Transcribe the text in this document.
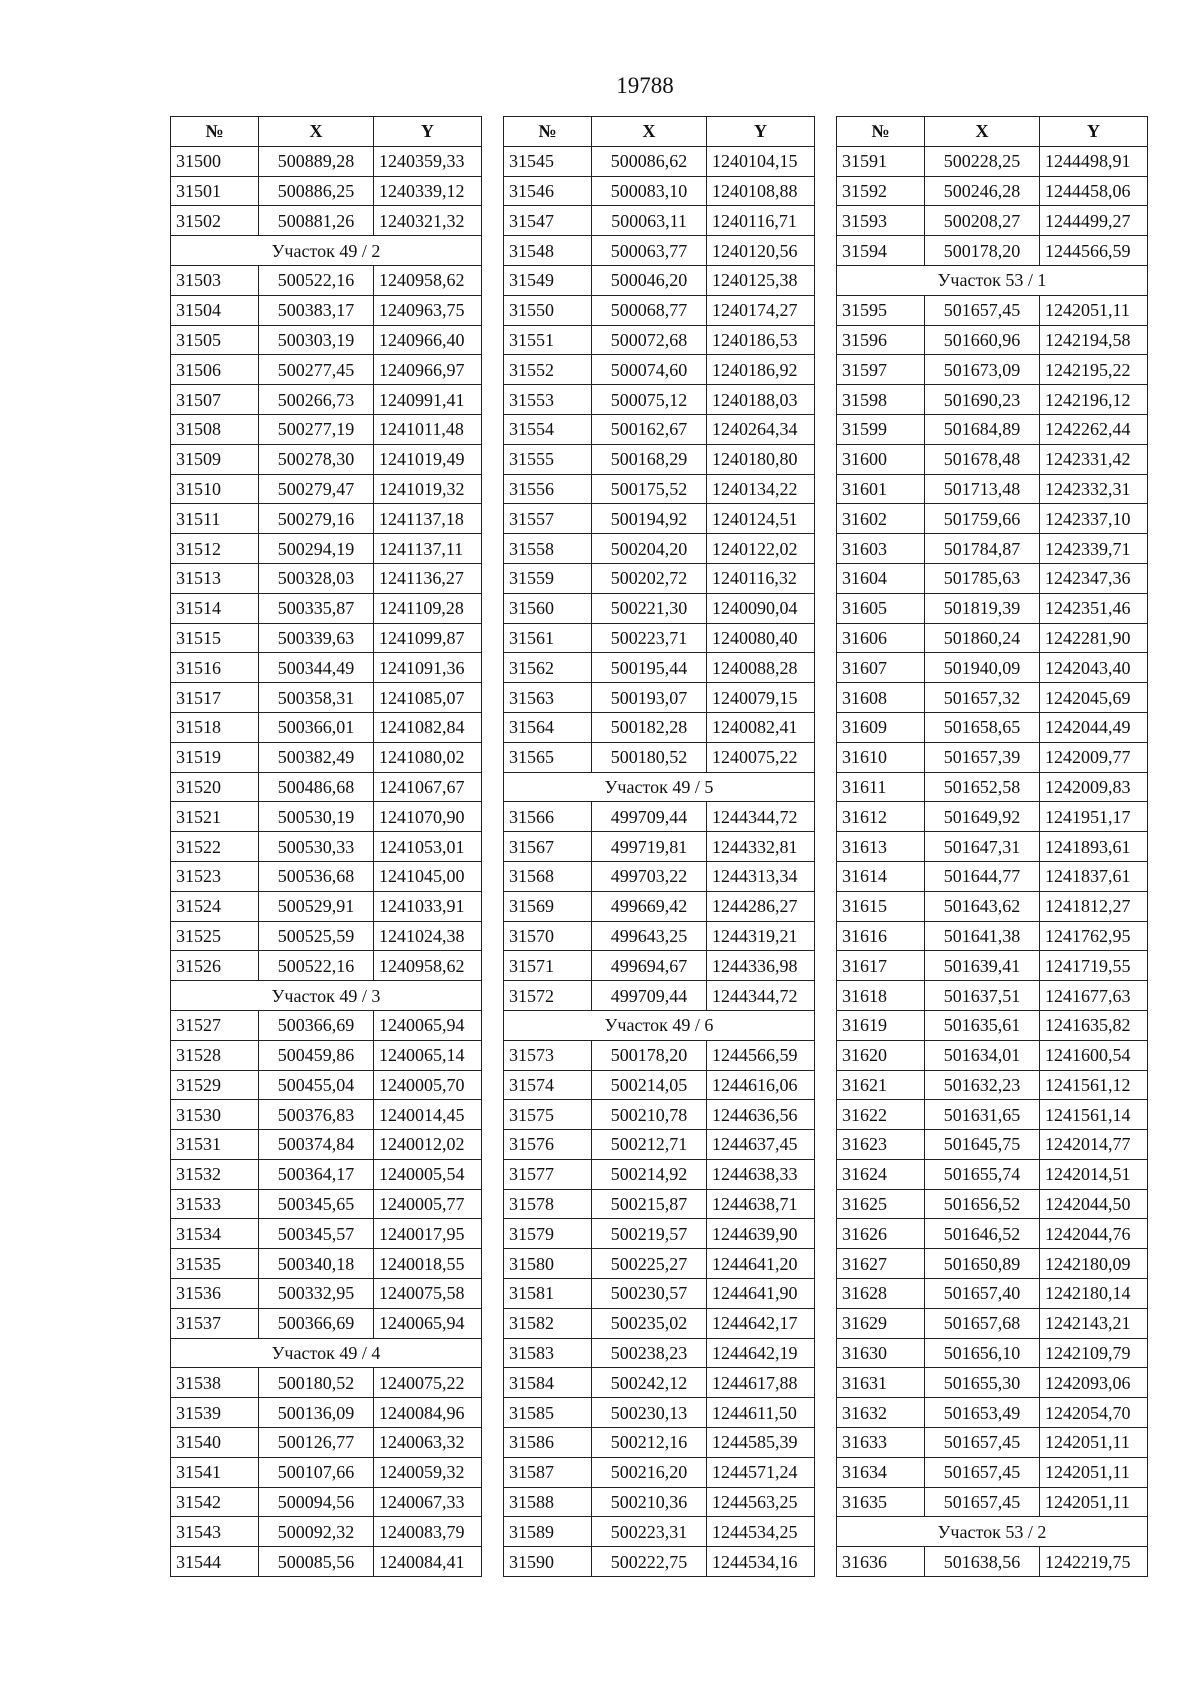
19788
№	X	Y
31500	500889,28	1240359,33
31501	500886,25	1240339,12
31502	500881,26	1240321,32
Участок 49 / 2		
31503	500522,16	1240958,62
31504	500383,17	1240963,75
31505	500303,19	1240966,40
31506	500277,45	1240966,97
31507	500266,73	1240991,41
31508	500277,19	1241011,48
31509	500278,30	1241019,49
31510	500279,47	1241019,32
31511	500279,16	1241137,18
31512	500294,19	1241137,11
31513	500328,03	1241136,27
31514	500335,87	1241109,28
31515	500339,63	1241099,87
31516	500344,49	1241091,36
31517	500358,31	1241085,07
31518	500366,01	1241082,84
31519	500382,49	1241080,02
31520	500486,68	1241067,67
31521	500530,19	1241070,90
31522	500530,33	1241053,01
31523	500536,68	1241045,00
31524	500529,91	1241033,91
31525	500525,59	1241024,38
31526	500522,16	1240958,62
Участок 49 / 3		
31527	500366,69	1240065,94
31528	500459,86	1240065,14
31529	500455,04	1240005,70
31530	500376,83	1240014,45
31531	500374,84	1240012,02
31532	500364,17	1240005,54
31533	500345,65	1240005,77
31534	500345,57	1240017,95
31535	500340,18	1240018,55
31536	500332,95	1240075,58
31537	500366,69	1240065,94
Участок 49 / 4		
31538	500180,52	1240075,22
31539	500136,09	1240084,96
31540	500126,77	1240063,32
31541	500107,66	1240059,32
31542	500094,56	1240067,33
31543	500092,32	1240083,79
31544	500085,56	1240084,41
№	X	Y
31545	500086,62	1240104,15
31546	500083,10	1240108,88
31547	500063,11	1240116,71
31548	500063,77	1240120,56
31549	500046,20	1240125,38
31550	500068,77	1240174,27
31551	500072,68	1240186,53
31552	500074,60	1240186,92
31553	500075,12	1240188,03
31554	500162,67	1240264,34
31555	500168,29	1240180,80
31556	500175,52	1240134,22
31557	500194,92	1240124,51
31558	500204,20	1240122,02
31559	500202,72	1240116,32
31560	500221,30	1240090,04
31561	500223,71	1240080,40
31562	500195,44	1240088,28
31563	500193,07	1240079,15
31564	500182,28	1240082,41
31565	500180,52	1240075,22
Участок 49 / 5		
31566	499709,44	1244344,72
31567	499719,81	1244332,81
31568	499703,22	1244313,34
31569	499669,42	1244286,27
31570	499643,25	1244319,21
31571	499694,67	1244336,98
31572	499709,44	1244344,72
Участок 49 / 6		
31573	500178,20	1244566,59
31574	500214,05	1244616,06
31575	500210,78	1244636,56
31576	500212,71	1244637,45
31577	500214,92	1244638,33
31578	500215,87	1244638,71
31579	500219,57	1244639,90
31580	500225,27	1244641,20
31581	500230,57	1244641,90
31582	500235,02	1244642,17
31583	500238,23	1244642,19
31584	500242,12	1244617,88
31585	500230,13	1244611,50
31586	500212,16	1244585,39
31587	500216,20	1244571,24
31588	500210,36	1244563,25
31589	500223,31	1244534,25
31590	500222,75	1244534,16
№	X	Y
31591	500228,25	1244498,91
31592	500246,28	1244458,06
31593	500208,27	1244499,27
31594	500178,20	1244566,59
Участок 53 / 1		
31595	501657,45	1242051,11
31596	501660,96	1242194,58
31597	501673,09	1242195,22
31598	501690,23	1242196,12
31599	501684,89	1242262,44
31600	501678,48	1242331,42
31601	501713,48	1242332,31
31602	501759,66	1242337,10
31603	501784,87	1242339,71
31604	501785,63	1242347,36
31605	501819,39	1242351,46
31606	501860,24	1242281,90
31607	501940,09	1242043,40
31608	501657,32	1242045,69
31609	501658,65	1242044,49
31610	501657,39	1242009,77
31611	501652,58	1242009,83
31612	501649,92	1241951,17
31613	501647,31	1241893,61
31614	501644,77	1241837,61
31615	501643,62	1241812,27
31616	501641,38	1241762,95
31617	501639,41	1241719,55
31618	501637,51	1241677,63
31619	501635,61	1241635,82
31620	501634,01	1241600,54
31621	501632,23	1241561,12
31622	501631,65	1241561,14
31623	501645,75	1242014,77
31624	501655,74	1242014,51
31625	501656,52	1242044,50
31626	501646,52	1242044,76
31627	501650,89	1242180,09
31628	501657,40	1242180,14
31629	501657,68	1242143,21
31630	501656,10	1242109,79
31631	501655,30	1242093,06
31632	501653,49	1242054,70
31633	501657,45	1242051,11
31634	501657,45	1242051,11
31635	501657,45	1242051,11
Участок 53 / 2		
31636	501638,56	1242219,75
